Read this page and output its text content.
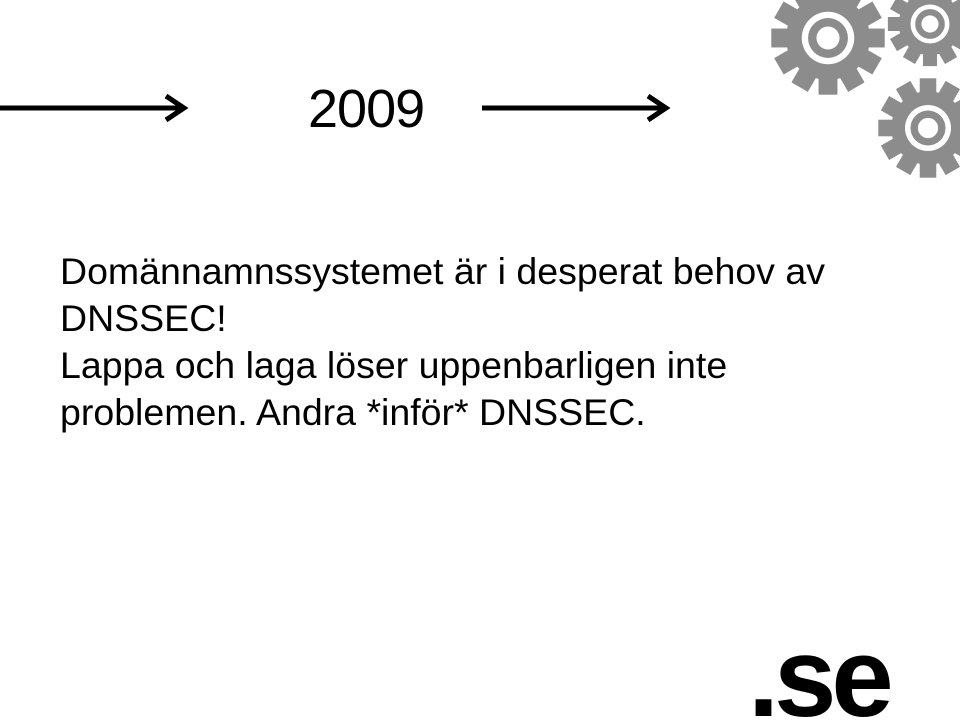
2009

Domännamnssystemet är i desperat behov av DNSSEC!

Lappa och laga löser uppenbarligen inte problemen. Andra *inför* DNSSEC.

.se
